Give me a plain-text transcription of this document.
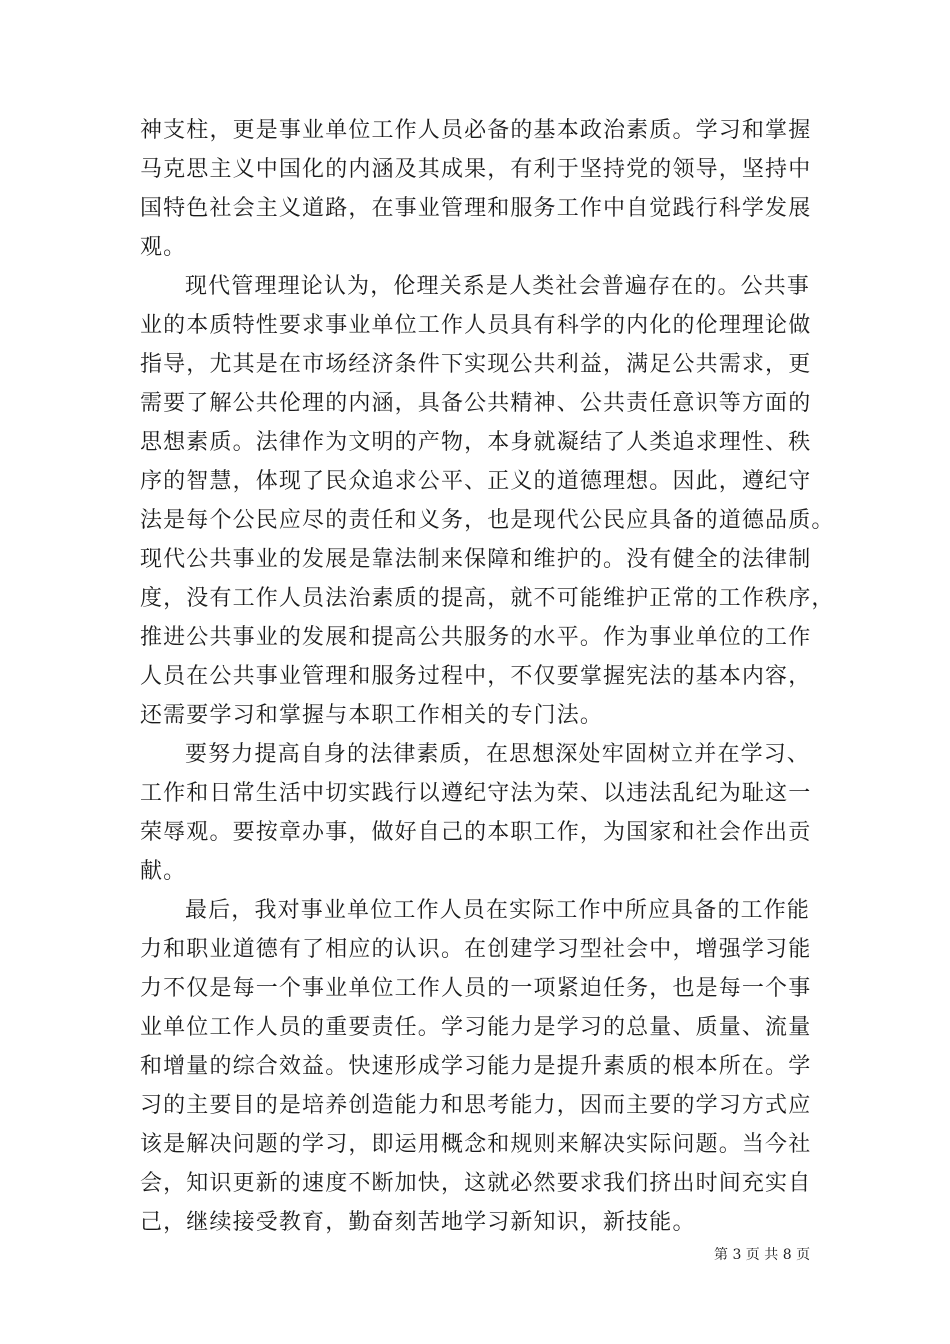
神支柱，更是事业单位工作人员必备的基本政治素质。学习和掌握
马克思主义中国化的内涵及其成果，有利于坚持党的领导，坚持中
国特色社会主义道路，在事业管理和服务工作中自觉践行科学发展
观。
现代管理理论认为，伦理关系是人类社会普遍存在的。公共事
业的本质特性要求事业单位工作人员具有科学的内化的伦理理论做
指导，尤其是在市场经济条件下实现公共利益，满足公共需求，更
需要了解公共伦理的内涵，具备公共精神、公共责任意识等方面的
思想素质。法律作为文明的产物，本身就凝结了人类追求理性、秩
序的智慧，体现了民众追求公平、正义的道德理想。因此，遵纪守
法是每个公民应尽的责任和义务，也是现代公民应具备的道德品质。
现代公共事业的发展是靠法制来保障和维护的。没有健全的法律制
度，没有工作人员法治素质的提高，就不可能维护正常的工作秩序，
推进公共事业的发展和提高公共服务的水平。作为事业单位的工作
人员在公共事业管理和服务过程中，不仅要掌握宪法的基本内容，
还需要学习和掌握与本职工作相关的专门法。
要努力提高自身的法律素质，在思想深处牢固树立并在学习、
工作和日常生活中切实践行以遵纪守法为荣、以违法乱纪为耻这一
荣辱观。要按章办事，做好自己的本职工作，为国家和社会作出贡
献。
最后，我对事业单位工作人员在实际工作中所应具备的工作能
力和职业道德有了相应的认识。在创建学习型社会中，增强学习能
力不仅是每一个事业单位工作人员的一项紧迫任务，也是每一个事
业单位工作人员的重要责任。学习能力是学习的总量、质量、流量
和增量的综合效益。快速形成学习能力是提升素质的根本所在。学
习的主要目的是培养创造能力和思考能力，因而主要的学习方式应
该是解决问题的学习，即运用概念和规则来解决实际问题。当今社
会，知识更新的速度不断加快，这就必然要求我们挤出时间充实自
己，继续接受教育，勤奋刻苦地学习新知识，新技能。
第 3 页 共 8 页
